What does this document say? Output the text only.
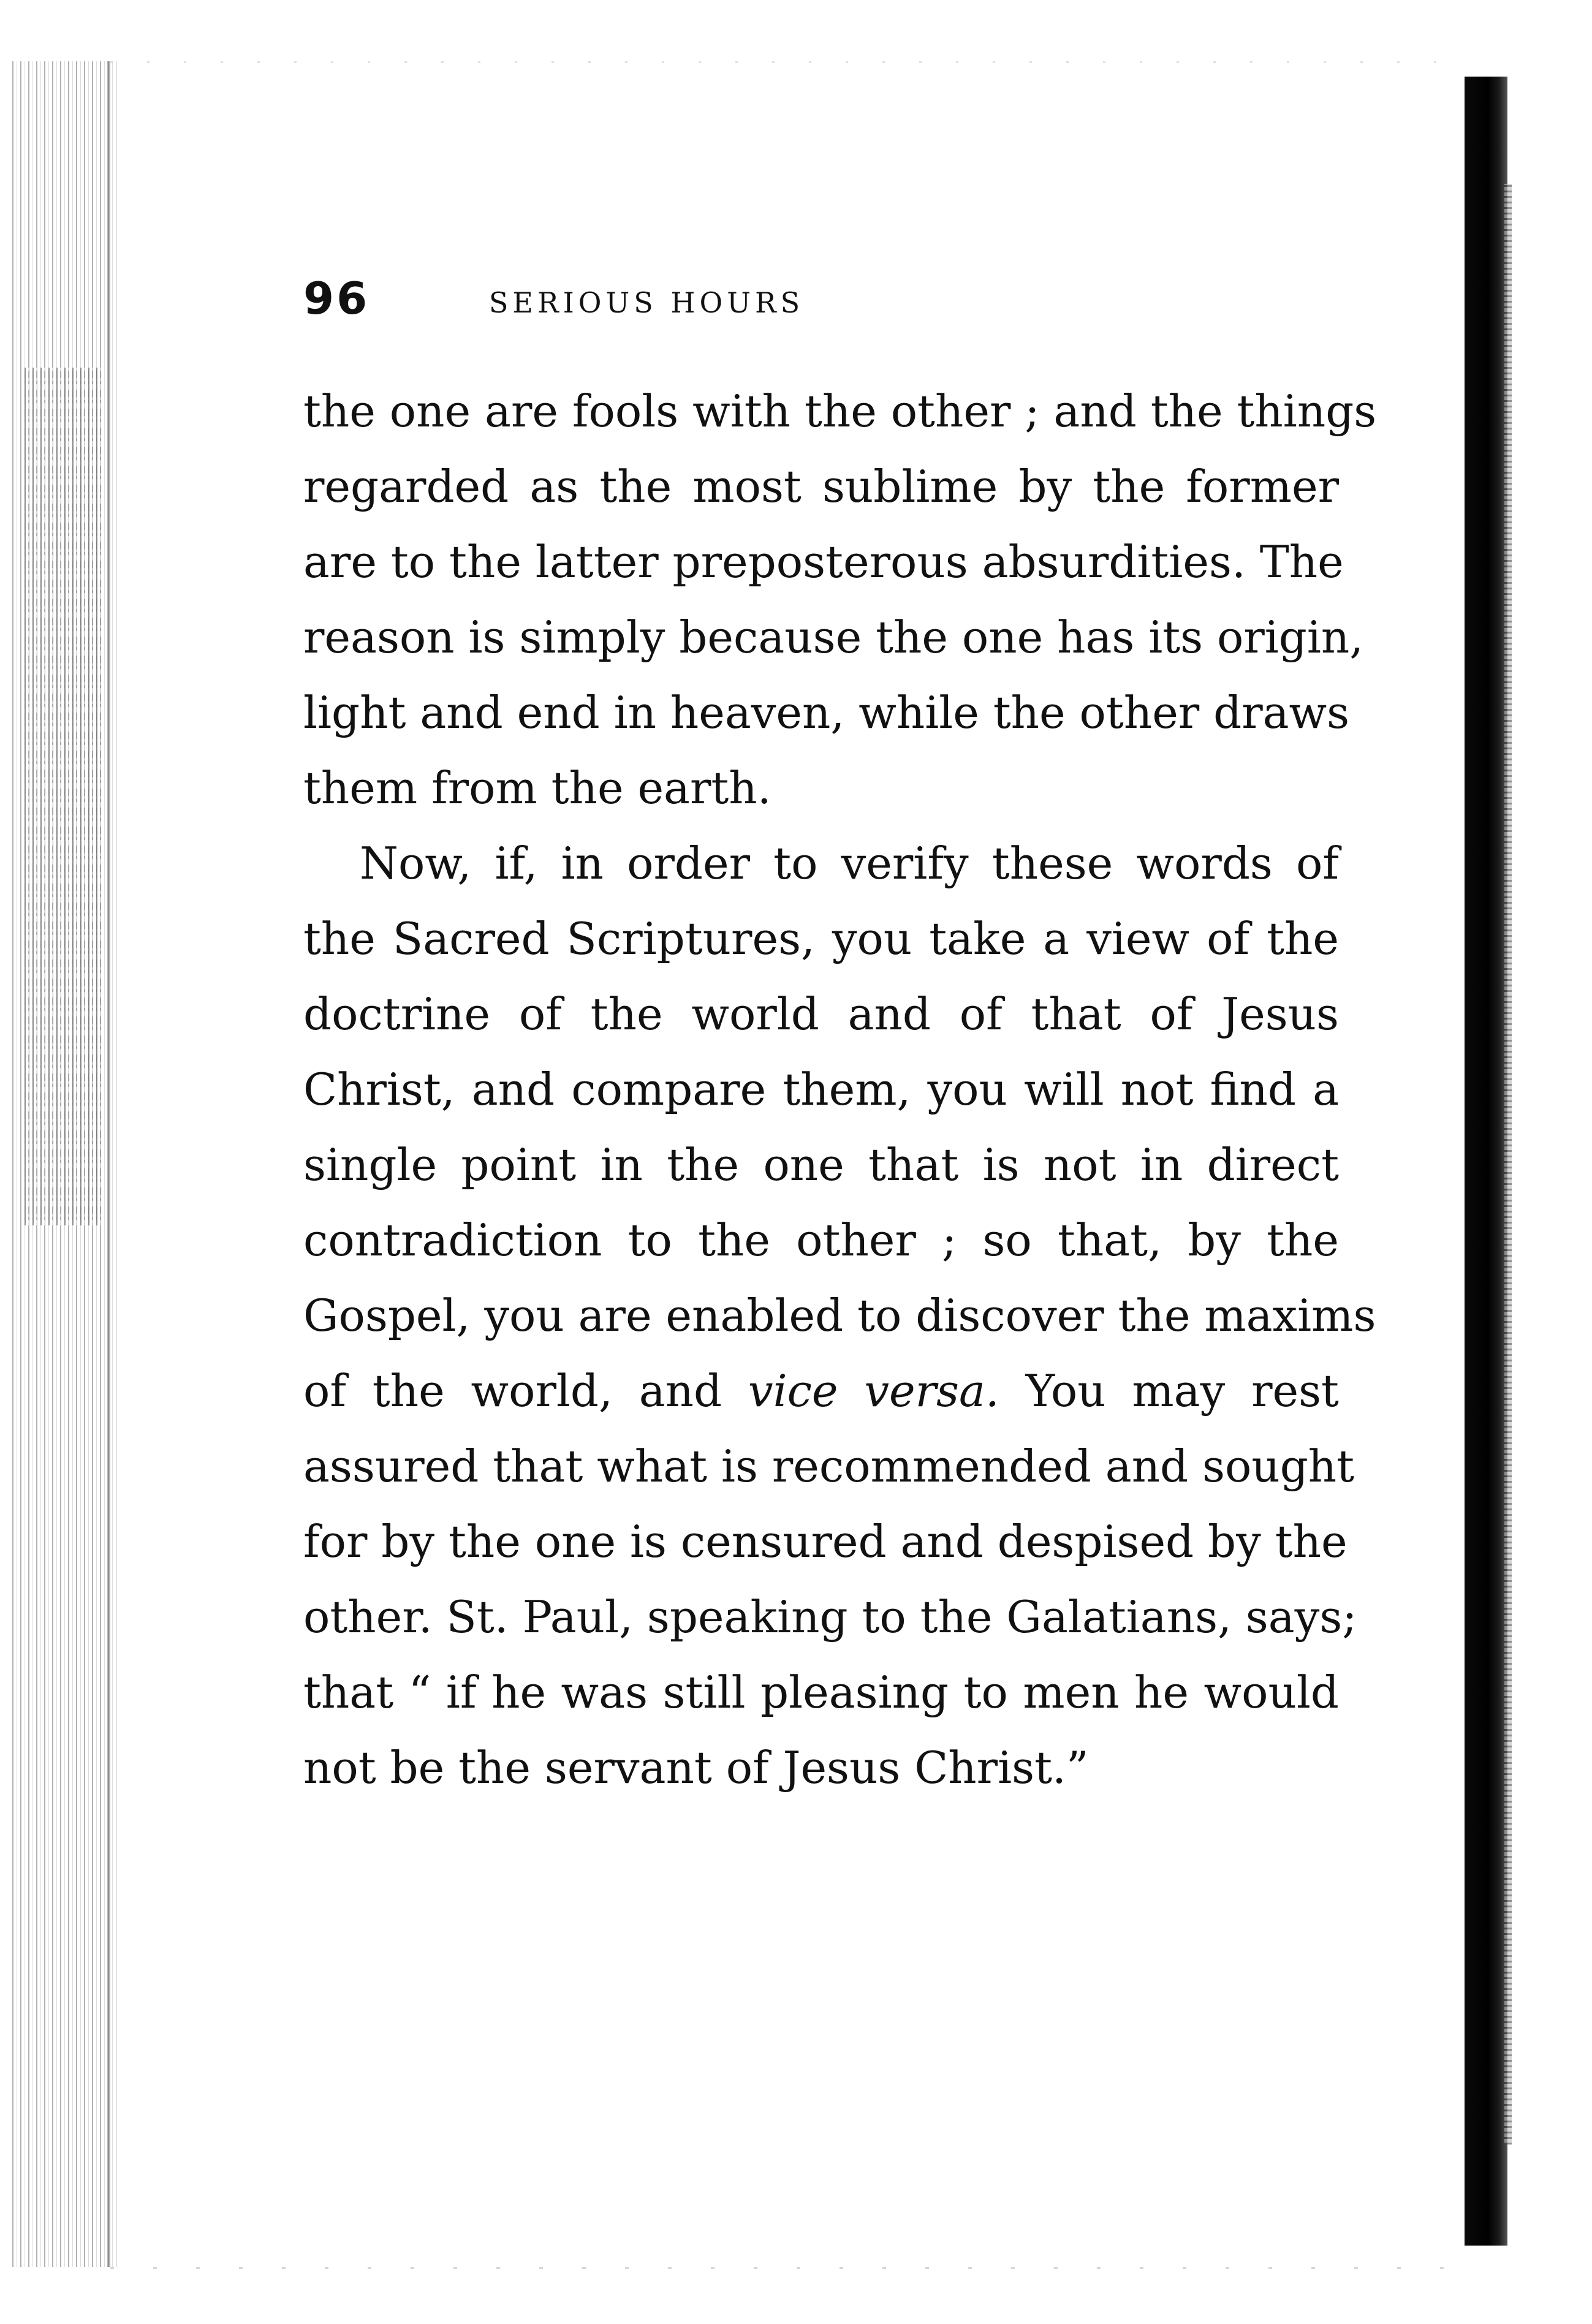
96	SERIOUS HOURS
the one are fools with the other ; and the things
regarded as the most sublime by the former
are to the latter preposterous absurdities. The
reason is simply because the one has its origin,
light and end in heaven, while the other draws
them from the earth.
Now, if, in order to verify these words of
the Sacred Scriptures, you take a view of the
doctrine of the world and of that of Jesus
Christ, and compare them, you will not find a
single point in the one that is not in direct
contradiction to the other ; so that, by the
Gospel, you are enabled to discover the maxims
of the world, and vice versa. You may rest
assured that what is recommended and sought
for by the one is censured and despised by the
other. St. Paul, speaking to the Galatians, says;
that “ if he was still pleasing to men he would
not be the servant of Jesus Christ.”
